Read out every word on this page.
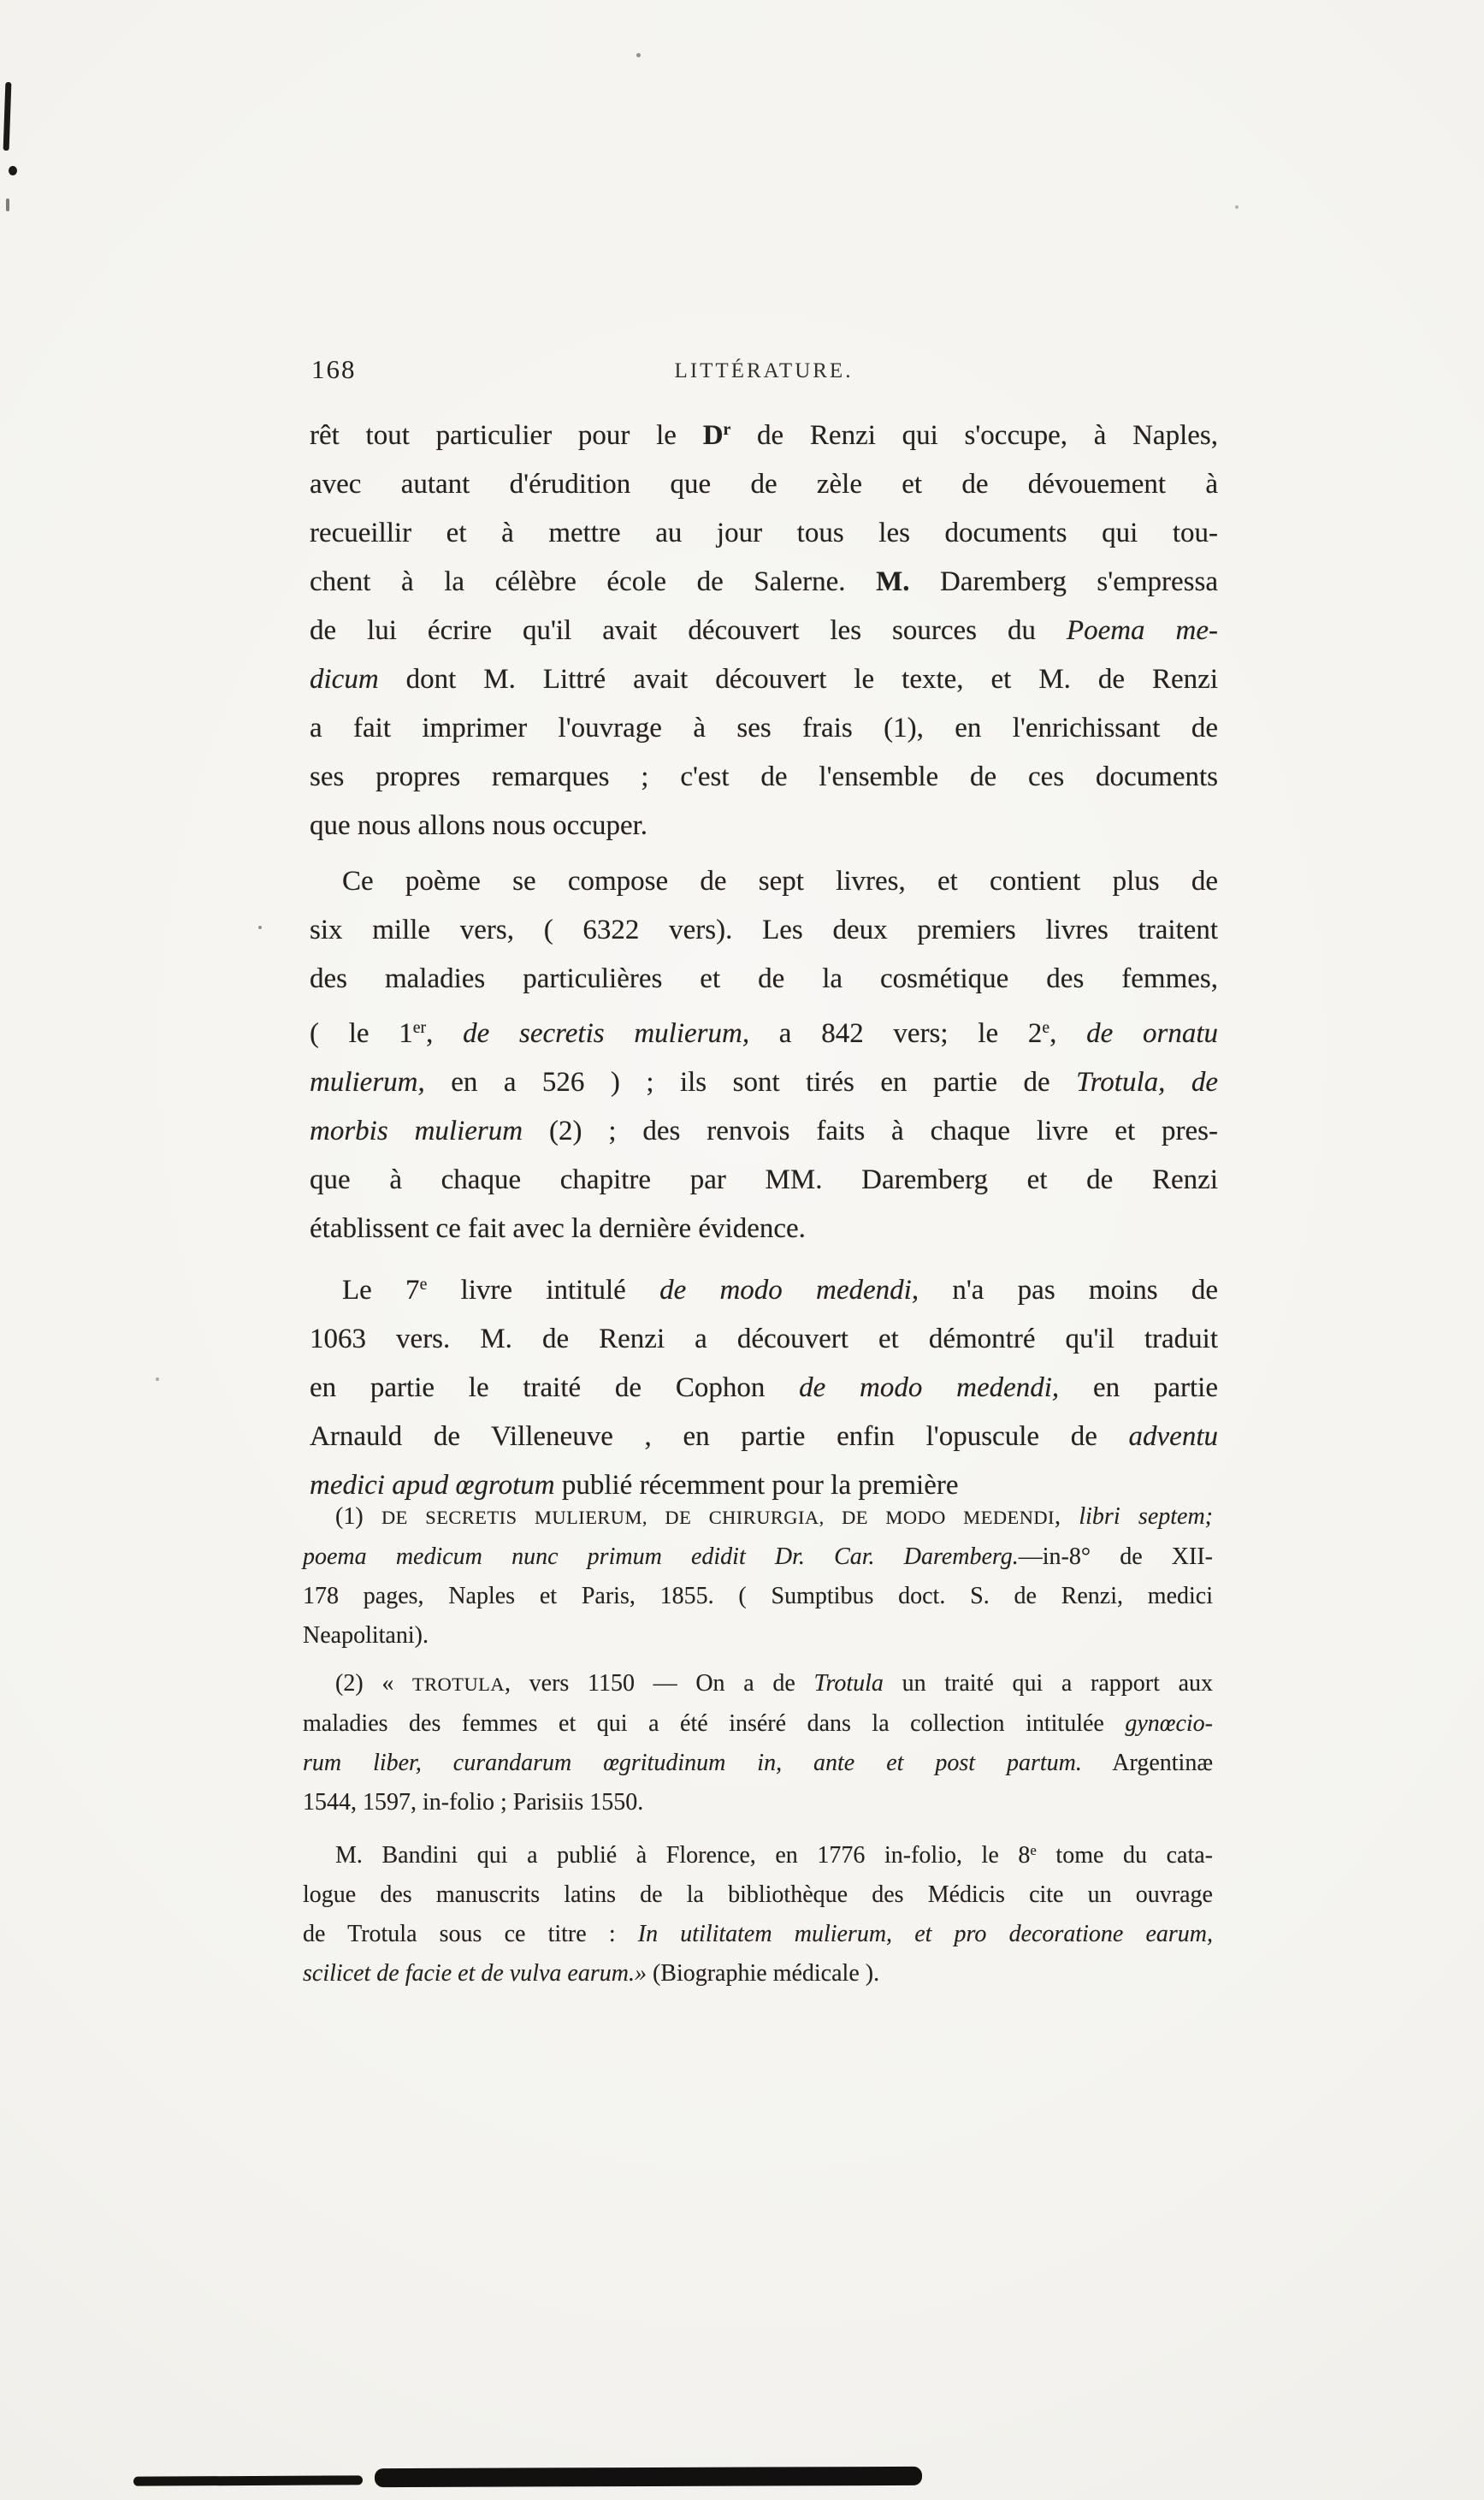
168	LITTÉRATURE.
rêt tout particulier pour le $D^r$ de Renzi qui s'occupe, à Naples,
avec autant d'érudition que de zèle et de dévouement à
recueillir et à mettre au jour tous les documents qui tou-
chent à la célèbre école de Salerne. M. Daremberg s'empressa
de lui écrire qu'il avait découvert les sources du Poema me-
dicum dont M. Littré avait découvert le texte, et M. de Renzi
a fait imprimer l'ouvrage à ses frais (1), en l'enrichissant de
ses propres remarques ; c'est de l'ensemble de ces documents
que nous allons nous occuper.
Ce poème se compose de sept livres, et contient plus de
six mille vers, ( 6322 vers). Les deux premiers livres traitent
des maladies particulières et de la cosmétique des femmes,
( le 1er, de secretis mulierum, a 842 vers; le 2e, de ornatu
mulierum, en a 526 ) ; ils sont tirés en partie de Trotula, de
morbis mulierum (2) ; des renvois faits à chaque livre et pres-
que à chaque chapitre par MM. Daremberg et de Renzi
établissent ce fait avec la dernière évidence.
Le 7e livre intitulé de modo medendi, n'a pas moins de
1063 vers. M. de Renzi a découvert et démontré qu'il traduit
en partie le traité de Cophon de modo medendi, en partie
Arnauld de Villeneuve , en partie enfin l'opuscule de adventu
medici apud œgrotum publié récemment pour la première
(1) DE SECRETIS MULIERUM, DE CHIRURGIA, DE MODO MEDENDI, libri septem;
poema medicum nunc primum edidit Dr. Car. Daremberg.—in-8° de XII-
178 pages, Naples et Paris, 1855. ( Sumptibus doct. S. de Renzi, medici
Neapolitani).
(2) « TROTULA, vers 1150 — On a de Trotula un traité qui a rapport aux
maladies des femmes et qui a été inséré dans la collection intitulée gynœcio-
rum liber, curandarum œgritudinum in, ante et post partum. Argentinæ
1544, 1597, in-folio ; Parisiis 1550.
M. Bandini qui a publié à Florence, en 1776 in-folio, le 8e tome du cata-
logue des manuscrits latins de la bibliothèque des Médicis cite un ouvrage
de Trotula sous ce titre : In utilitatem mulierum, et pro decoratione earum,
scilicet de facie et de vulva earum.» (Biographie médicale ).
